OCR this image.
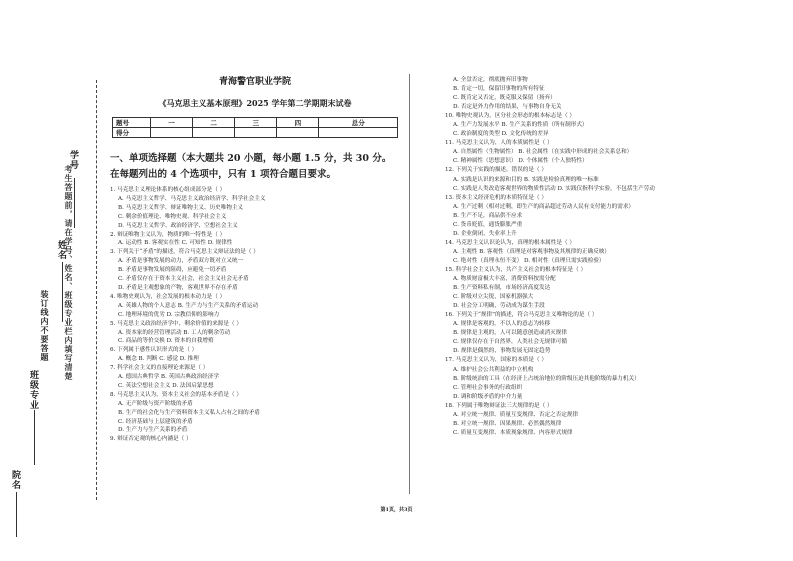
学号
姓名
考生答题前，请在学号、姓名、班级专业栏内填写清楚
班级专业
装订线内不要答题
院名
青海警官职业学院
《马克思主义基本原理》2025 学年第二学期期末试卷
题号	一	二	三	四	总分
得分					
一、单项选择题（本大题共 20 小题，每小题 1.5 分，共 30 分。在每题列出的 4 个选项中，只有 1 项符合题目要求。
1. 马克思主义理论体系的核心组成部分是（ ）
A. 马克思主义哲学、马克思主义政治经济学、科学社会主义
B. 马克思主义哲学、辩证唯物主义、历史唯物主义
C. 剩余价值理论、唯物史观、科学社会主义
D. 马克思主义哲学、政治经济学、空想社会主义
2. 辩证唯物主义认为，物质的唯一特性是（ ）
A. 运动性 B. 客观实在性 C. 可知性 D. 规律性
3. 下列关于“矛盾”的描述，符合马克思主义辩证法的是（ ）
A. 矛盾是事物发展的动力，矛盾双方既对立又统一
B. 矛盾是事物发展的阻碍，应避免一切矛盾
C. 矛盾仅存在于资本主义社会，社会主义社会无矛盾
D. 矛盾是主观想象的产物，客观世界不存在矛盾
4. 唯物史观认为，社会发展的根本动力是（ ）
A. 英雄人物的个人意志 B. 生产力与生产关系的矛盾运动
C. 地理环境的优劣 D. 宗教信仰的影响力
5. 马克思主义政治经济学中，剩余价值的来源是（ ）
A. 资本家的经营管理活动 B. 工人的剩余劳动
C. 商品的等价交换 D. 资本的自我增殖
6. 下列属于感性认识形式的是（ ）
A. 概念 B. 判断 C. 感觉 D. 推理
7. 科学社会主义的直接理论来源是（ ）
A. 德国古典哲学 B. 英国古典政治经济学
C. 英法空想社会主义 D. 法国启蒙思想
8. 马克思主义认为，资本主义社会的基本矛盾是（ ）
A. 无产阶级与资产阶级的矛盾
B. 生产的社会化与生产资料资本主义私人占有之间的矛盾
C. 经济基础与上层建筑的矛盾
D. 生产力与生产关系的矛盾
9. 辩证否定观的核心内涵是（ ）
A. 全盘否定，彻底抛弃旧事物
B. 肯定一切，保留旧事物的所有特征
C. 既肯定又否定，既克服又保留（扬弃）
D. 否定是外力作用的结果，与事物自身无关
10. 唯物史观认为，区分社会形态的根本标志是（ ）
A. 生产力发展水平 B. 生产关系的性质（所有制形式）
C. 政治制度的类型 D. 文化传统的差异
11. 马克思主义认为，人的本质属性是（ ）
A. 自然属性（生物属性） B. 社会属性（在实践中形成的社会关系总和）
C. 精神属性（思想意识） D. 个体属性（个人独特性）
12. 下列关于实践的描述，错误的是（ ）
A. 实践是认识的来源和目的 B. 实践是检验真理的唯一标准
C. 实践是人类改造客观世界的物质性活动 D. 实践仅指科学实验，不包括生产劳动
13. 资本主义经济危机的本质特征是（ ）
A. 生产过剩（相对过剩，即生产的商品超过劳动人民有支付能力的需求）
B. 生产不足，商品供不应求
C. 货币贬值，通货膨胀严重
D. 企业倒闭，失业率上升
14. 马克思主义认识论认为，真理的根本属性是（ ）
A. 主观性 B. 客观性（真理是对客观事物及其规律的正确反映）
C. 绝对性（真理永恒不变） D. 相对性（真理只需实践检验）
15. 科学社会主义认为，共产主义社会的根本特征是（ ）
A. 物质财富极大丰富，消费资料按需分配
B. 生产资料私有制，市场经济高度发达
C. 阶级对立尖锐，国家机器强大
D. 社会分工明确，劳动成为谋生手段
16. 下列关于“规律”的描述，符合马克思主义唯物论的是（ ）
A. 规律是客观的，不以人的意志为转移
B. 规律是主观的，人可以随意创造或消灭规律
C. 规律仅存在于自然界，人类社会无规律可循
D. 规律是偶然的，事物发展无固定趋势
17. 马克思主义认为，国家的本质是（ ）
A. 维护社会公共利益的中立机构
B. 阶级统治的工具（在经济上占统治地位的阶级压迫其他阶级的暴力机关）
C. 管理社会事务的行政组织
D. 调和阶级矛盾的中介力量
18. 下列属于唯物辩证法三大规律的是（ ）
A. 对立统一规律、质量互变规律、否定之否定规律
B. 对立统一规律、因果规律、必然偶然规律
C. 质量互变规律、本质现象规律、内容形式规律
第1页，共3页
